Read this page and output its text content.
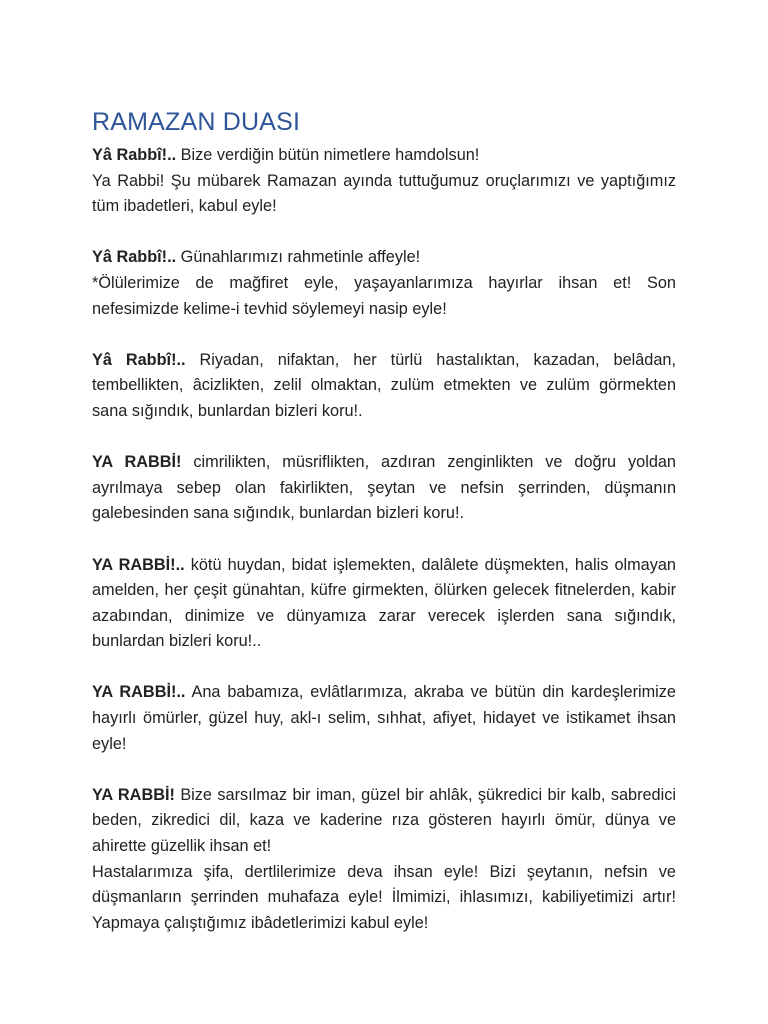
RAMAZAN DUASI

Yâ Rabbî!.. Bize verdiğin bütün nimetlere hamdolsun!
Ya Rabbi! Şu mübarek Ramazan ayında tuttuğumuz oruçlarımızı ve yaptığımız tüm ibadetleri, kabul eyle!

Yâ Rabbî!.. Günahlarımızı rahmetinle affeyle!
*Ölülerimize de mağfiret eyle, yaşayanlarımıza hayırlar ihsan et! Son nefesimizde kelime-i tevhid söylemeyi nasip eyle!

Yâ Rabbî!.. Riyadan, nifaktan, her türlü hastalıktan, kazadan, belâdan, tembellikten, âcizlikten, zelil olmaktan, zulüm etmekten ve zulüm görmekten sana sığındık, bunlardan bizleri koru!.

YA RABBİ! cimrilikten, müsriflikten, azdıran zenginlikten ve doğru yoldan ayrılmaya sebep olan fakirlikten, şeytan ve nefsin şerrinden, düşmanın galebesinden sana sığındık, bunlardan bizleri koru!.

YA RABBİ!.. kötü huydan, bidat işlemekten, dalâlete düşmekten, halis olmayan amelden, her çeşit günahtan, küfre girmekten, ölürken gelecek fitnelerden, kabir azabından, dinimize ve dünyamıza zarar verecek işlerden sana sığındık, bunlardan bizleri koru!..

YA RABBİ!.. Ana babamıza, evlâtlarımıza, akraba ve bütün din kardeşlerimize hayırlı ömürler, güzel huy, akl-ı selim, sıhhat, afiyet, hidayet ve istikamet ihsan eyle!

YA RABBİ! Bize sarsılmaz bir iman, güzel bir ahlâk, şükredici bir kalb, sabredici beden, zikredici dil, kaza ve kaderine rıza gösteren hayırlı ömür, dünya ve ahirette güzellik ihsan et!
Hastalarımıza şifa, dertlilerimize deva ihsan eyle! Bizi şeytanın, nefsin ve düşmanların şerrinden muhafaza eyle! İlmimizi, ihlasımızı, kabiliyetimizi artır! Yapmaya çalıştığımız ibâdetlerimizi kabul eyle!
